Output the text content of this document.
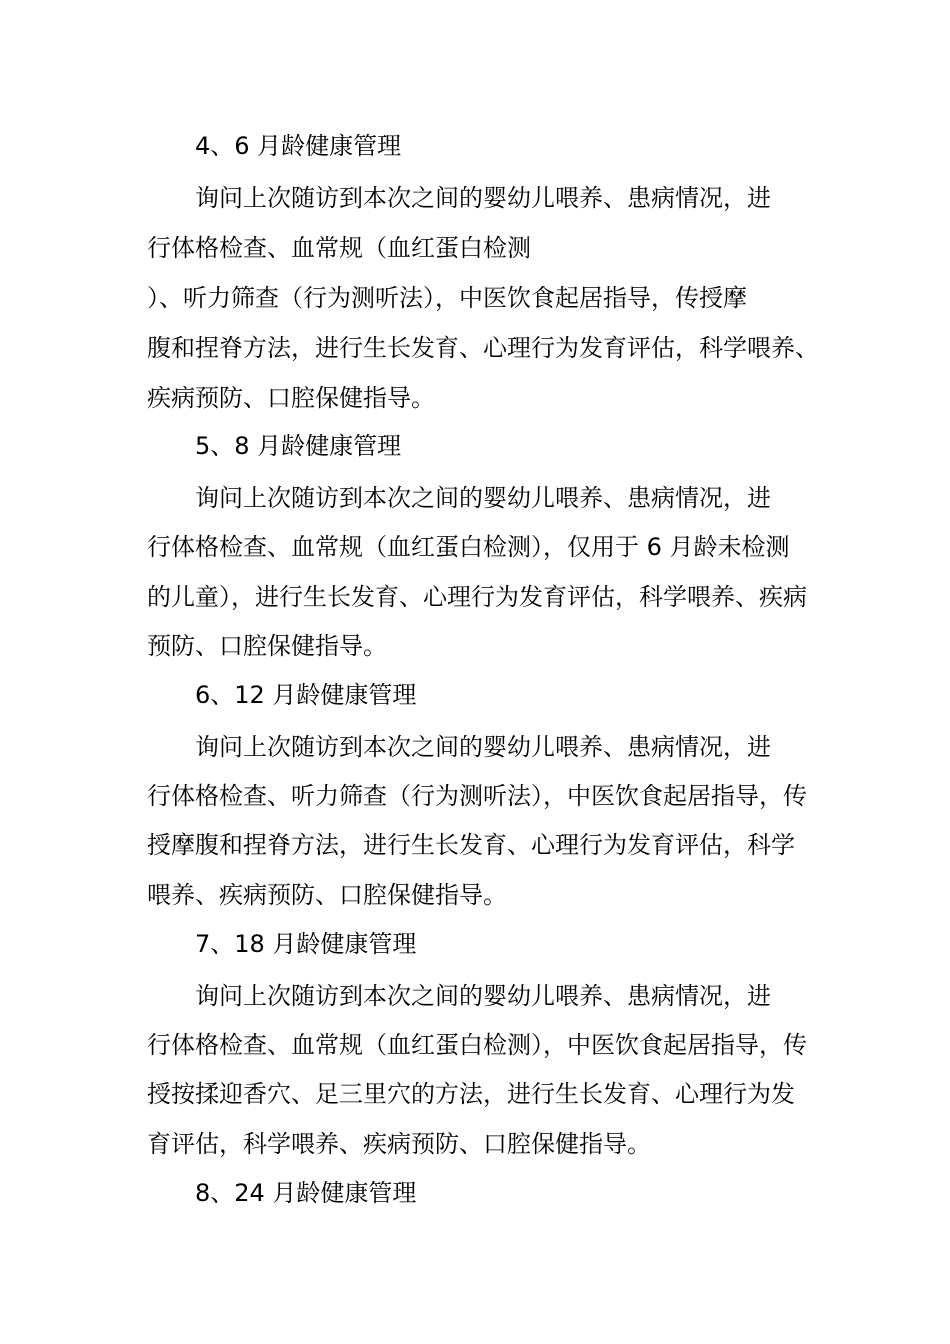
4、6 月龄健康管理
询问上次随访到本次之间的婴幼儿喂养、患病情况，进
行体格检查、血常规（血红蛋白检测
）、听力筛查（行为测听法），中医饮食起居指导，传授摩
腹和捏脊方法，进行生长发育、心理行为发育评估，科学喂养、
疾病预防、口腔保健指导。
5、8 月龄健康管理
询问上次随访到本次之间的婴幼儿喂养、患病情况，进
行体格检查、血常规（血红蛋白检测），仅用于 6 月龄未检测
的儿童），进行生长发育、心理行为发育评估，科学喂养、疾病
预防、口腔保健指导。
6、12 月龄健康管理
询问上次随访到本次之间的婴幼儿喂养、患病情况，进
行体格检查、听力筛查（行为测听法），中医饮食起居指导，传
授摩腹和捏脊方法，进行生长发育、心理行为发育评估，科学
喂养、疾病预防、口腔保健指导。
7、18 月龄健康管理
询问上次随访到本次之间的婴幼儿喂养、患病情况，进
行体格检查、血常规（血红蛋白检测），中医饮食起居指导，传
授按揉迎香穴、足三里穴的方法，进行生长发育、心理行为发
育评估，科学喂养、疾病预防、口腔保健指导。
8、24 月龄健康管理
